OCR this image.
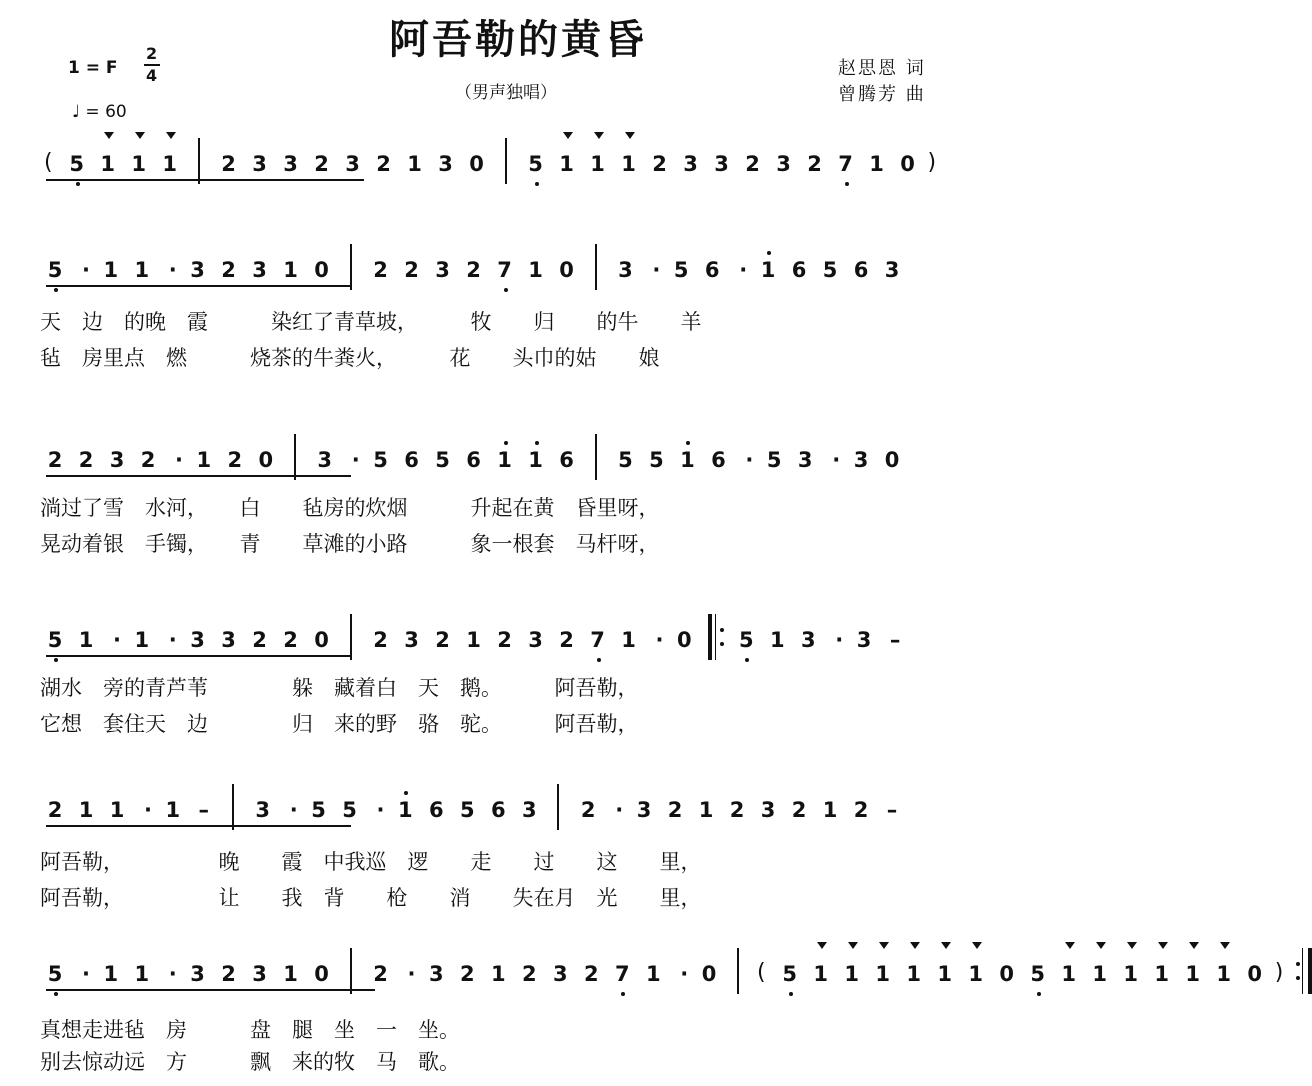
阿吾勒的黄昏
（男声独唱）
1 = F
2
4
♩ = 60
赵思恩 词
曾腾芳 曲
( 5 1 1 1 2 3 3 2 3 2 1 3 0 5 1 1 1 2 3 3 2 3 2 7 1 0 )
5 · 1 1 · 3 2 3 1 0 2 2 3 2 7 1 0 3 · 5 6 · 1 6 5 6 3
天　边　的晚　霞　　　染红了青草坡，　　　牧　　归　　的牛　　羊
毡　房里点　燃　　　烧茶的牛粪火，　　　花　　头巾的姑　　娘
2 2 3 2 · 1 2 0 3 · 5 6 5 6 1 1 6 5 5 1 6 · 5 3 · 3 0
淌过了雪　水河，　　白　　毡房的炊烟　　　升起在黄　昏里呀，
晃动着银　手镯，　　青　　草滩的小路　　　象一根套　马杆呀，
5 1 · 1 · 3 3 2 2 0 2 3 2 1 2 3 2 7 1 · 0 5 1 3 · 3 –
湖水　旁的青芦苇　　　　躲　藏着白　天　鹅。　　　阿吾勒，
它想　套住天　边　　　　归　来的野　骆　驼。　　　阿吾勒，
2 1 1 · 1 – 3 · 5 5 · 1 6 5 6 3 2 · 3 2 1 2 3 2 1 2 –
阿吾勒，　　　　　晚　　霞　中我巡　逻　　走　　过　　这　　里，
阿吾勒，　　　　　让　　我　背　　枪　　消　　失在月　光　　里，
5 · 1 1 · 3 2 3 1 0 2 · 3 2 1 2 3 2 7 1 · 0 ( 5 1 1 1 1 1 1 0 5 1 1 1 1 1 1 0 )
真想走进毡　房　　　盘　腿　坐　一　坐。
别去惊动远　方　　　飘　来的牧　马　歌。
